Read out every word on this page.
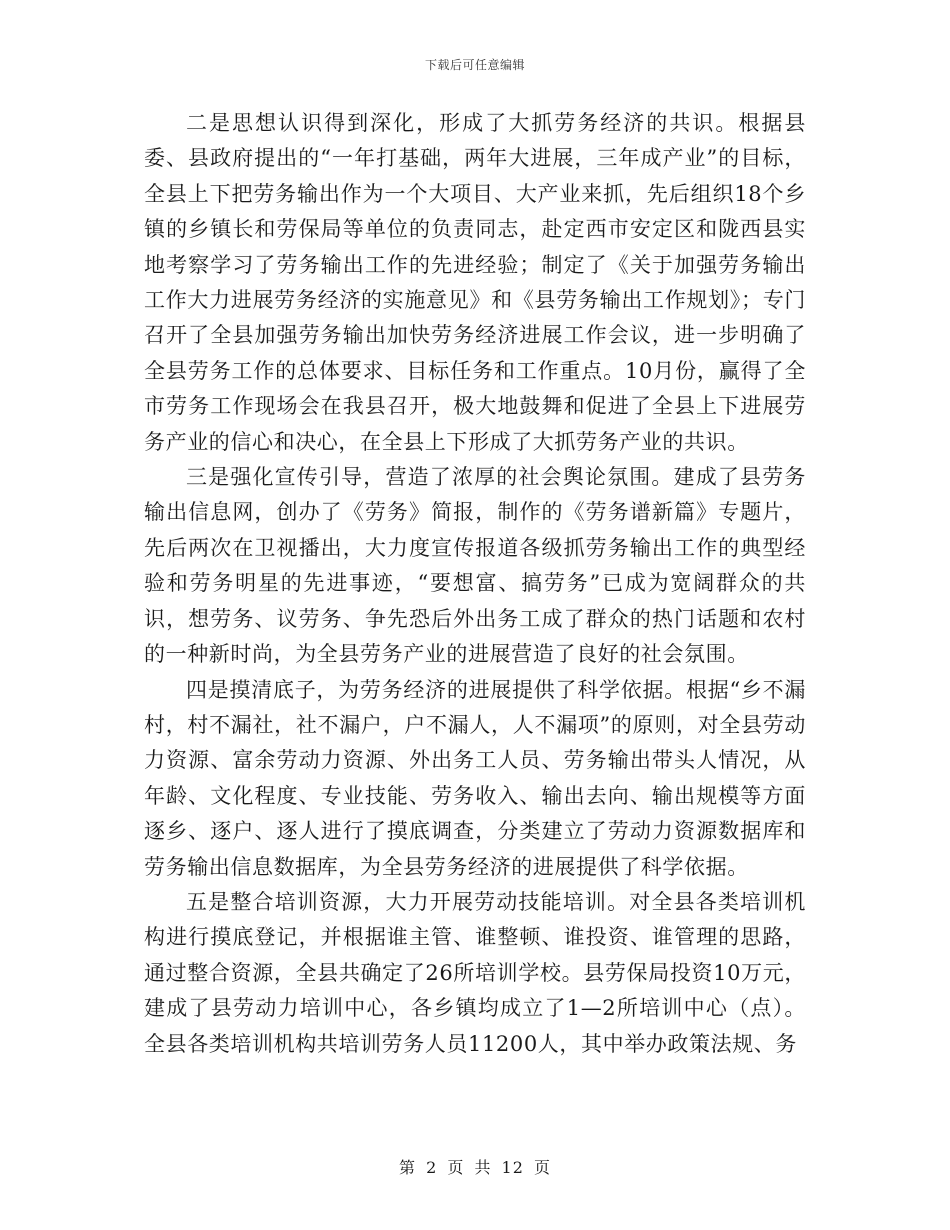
下载后可任意编辑

二是思想认识得到深化，形成了大抓劳务经济的共识。根据县委、县政府提出的“一年打基础，两年大进展，三年成产业”的目标，全县上下把劳务输出作为一个大项目、大产业来抓，先后组织18个乡镇的乡镇长和劳保局等单位的负责同志，赴定西市安定区和陇西县实地考察学习了劳务输出工作的先进经验；制定了《关于加强劳务输出工作大力进展劳务经济的实施意见》和《县劳务输出工作规划》；专门召开了全县加强劳务输出加快劳务经济进展工作会议，进一步明确了全县劳务工作的总体要求、目标任务和工作重点。10月份，赢得了全市劳务工作现场会在我县召开，极大地鼓舞和促进了全县上下进展劳务产业的信心和决心，在全县上下形成了大抓劳务产业的共识。

三是强化宣传引导，营造了浓厚的社会舆论氛围。建成了县劳务输出信息网，创办了《劳务》简报，制作的《劳务谱新篇》专题片，先后两次在卫视播出，大力度宣传报道各级抓劳务输出工作的典型经验和劳务明星的先进事迹，“要想富、搞劳务”已成为宽阔群众的共识，想劳务、议劳务、争先恐后外出务工成了群众的热门话题和农村的一种新时尚，为全县劳务产业的进展营造了良好的社会氛围。

四是摸清底子，为劳务经济的进展提供了科学依据。根据“乡不漏村，村不漏社，社不漏户，户不漏人，人不漏项”的原则，对全县劳动力资源、富余劳动力资源、外出务工人员、劳务输出带头人情况，从年龄、文化程度、专业技能、劳务收入、输出去向、输出规模等方面逐乡、逐户、逐人进行了摸底调查，分类建立了劳动力资源数据库和劳务输出信息数据库，为全县劳务经济的进展提供了科学依据。

五是整合培训资源，大力开展劳动技能培训。对全县各类培训机构进行摸底登记，并根据谁主管、谁整顿、谁投资、谁管理的思路，通过整合资源，全县共确定了26所培训学校。县劳保局投资10万元，建成了县劳动力培训中心，各乡镇均成立了1—2所培训中心（点）。全县各类培训机构共培训劳务人员11200人，其中举办政策法规、务

第 2 页 共 12 页
